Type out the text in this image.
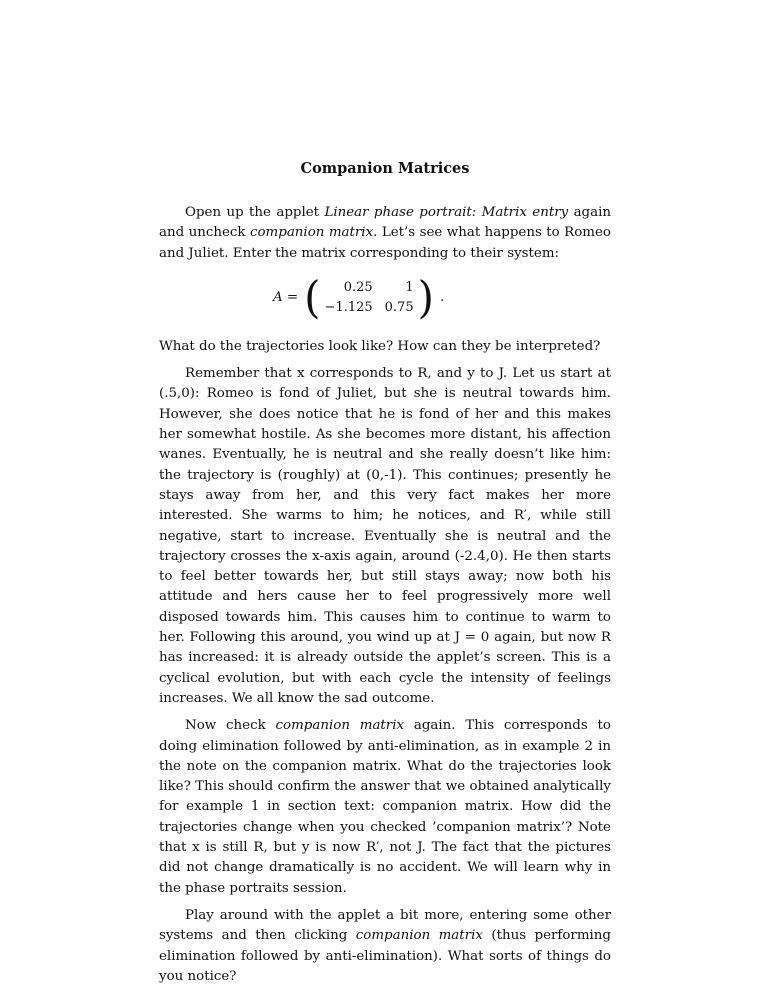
Companion Matrices

Open up the applet Linear phase portrait: Matrix entry again and uncheck companion matrix. Let’s see what happens to Romeo and Juliet. Enter the matrix corresponding to their system:

A = (	0.25	1
−1.125 0.75 ) .

What do the trajectories look like? How can they be interpreted?

Remember that x corresponds to R, and y to J. Let us start at (.5,0): Romeo is fond of Juliet, but she is neutral towards him. However, she does notice that he is fond of her and this makes her somewhat hostile. As she becomes more distant, his affection wanes. Eventually, he is neutral and she really doesn’t like him: the trajectory is (roughly) at (0,-1). This continues; presently he stays away from her, and this very fact makes her more interested. She warms to him; he notices, and R′, while still negative, start to increase. Eventually she is neutral and the trajectory crosses the x-axis again, around (-2.4,0). He then starts to feel better towards her, but still stays away; now both his attitude and hers cause her to feel progressively more well disposed towards him. This causes him to continue to warm to her. Following this around, you wind up at J = 0 again, but now R has increased: it is already outside the applet’s screen. This is a cyclical evolution, but with each cycle the intensity of feelings increases. We all know the sad outcome.

Now check companion matrix again. This corresponds to doing elimination followed by anti-elimination, as in example 2 in the note on the companion matrix. What do the trajectories look like? This should confirm the answer that we obtained analytically for example 1 in section text: companion matrix. How did the trajectories change when you checked ’companion matrix’? Note that x is still R, but y is now R′, not J. The fact that the pictures did not change dramatically is no accident. We will learn why in the phase portraits session.

Play around with the applet a bit more, entering some other systems and then clicking companion matrix (thus performing elimination followed by anti-elimination). What sorts of things do you notice?
